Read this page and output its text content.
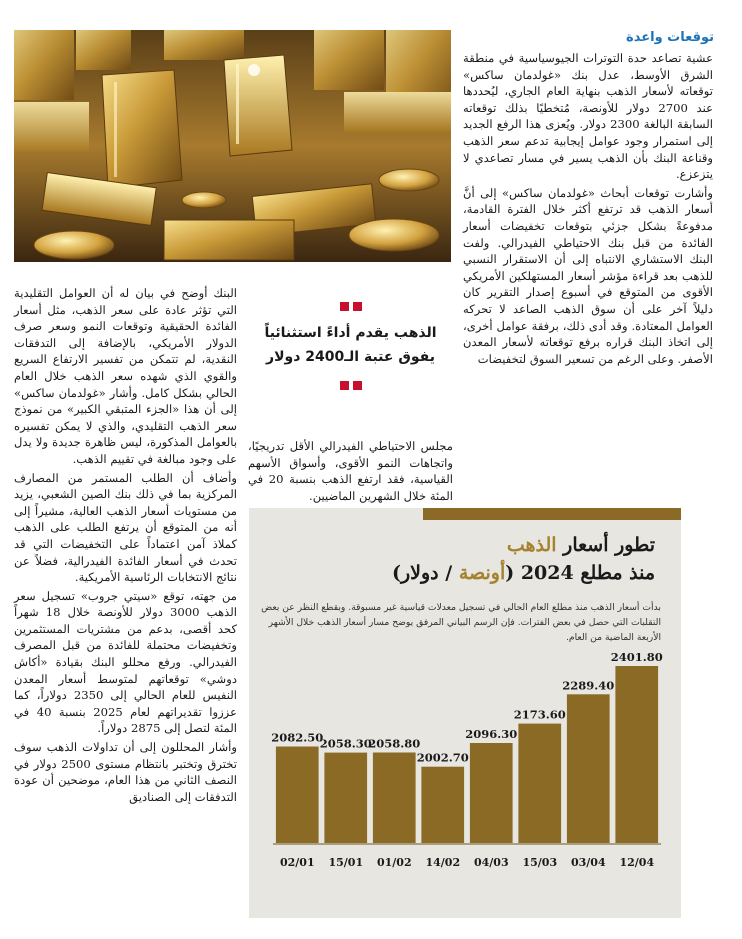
توقعات واعدة

عشية تصاعد حدة التوترات الجيوسياسية في منطقة الشرق الأوسط، عدل بنك «غولدمان ساكس» توقعاته لأسعار الذهب بنهاية العام الجاري، ليُحددها عند 2700 دولار للأونصة، مُتخطيًا بذلك توقعاته السابقة البالغة 2300 دولار. ويُعزى هذا الرفع الجديد إلى استمرار وجود عوامل إيجابية تدعم سعر الذهب وقناعة البنك بأن الذهب يسير في مسار تصاعدي لا يتزعزع.

وأشارت توقعات أبحاث «غولدمان ساكس» إلى أنَّ أسعار الذهب قد ترتفع أكثر خلال الفترة القادمة، مدفوعةً بشكل جزئي بتوقعات تخفيضات أسعار الفائدة من قبل بنك الاحتياطي الفيدرالي. ولفت البنك الاستشاري الانتباه إلى أن الاستقرار النسبي للذهب بعد قراءة مؤشر أسعار المستهلكين الأمريكي الأقوى من المتوقع في أسبوع إصدار التقرير كان دليلاً آخر على أن سوق الذهب الصاعد لا تحركه العوامل المعتادة. وقد أدى ذلك، برفقة عوامل أخرى، إلى اتخاذ البنك قراره برفع توقعاته لأسعار المعدن الأصفر. وعلى الرغم من تسعير السوق لتخفيضات

الذهب يقدم أداءً استثنائياً
يفوق عتبة الـ2400 دولار

مجلس الاحتياطي الفيدرالي الأقل تدريجيًا، واتجاهات النمو الأقوى، وأسواق الأسهم القياسية، فقد ارتفع الذهب بنسبة 20 في المئة خلال الشهرين الماضيين.

البنك أوضح في بيان له أن العوامل التقليدية التي تؤثر عادة على سعر الذهب، مثل أسعار الفائدة الحقيقية وتوقعات النمو وسعر صرف الدولار الأمريكي، بالإضافة إلى التدفقات النقدية، لم تتمكن من تفسير الارتفاع السريع والقوي الذي شهده سعر الذهب خلال العام الحالي بشكل كامل. وأشار «غولدمان ساكس» إلى أن هذا «الجزء المتبقي الكبير» من نموذج سعر الذهب التقليدي، والذي لا يمكن تفسيره بالعوامل المذكورة، ليس ظاهرة جديدة ولا يدل على وجود مبالغة في تقييم الذهب.

وأضاف أن الطلب المستمر من المصارف المركزية بما في ذلك بنك الصين الشعبي، يزيد من مستويات أسعار الذهب العالية، مشيراً إلى أنه من المتوقع أن يرتفع الطلب على الذهب كملاذ آمن اعتماداً على التخفيضات التي قد تحدث في أسعار الفائدة الفيدرالية، فضلاً عن نتائج الانتخابات الرئاسية الأمريكية.

من جهته، توقع «سيتي جروب» تسجيل سعر الذهب 3000 دولار للأونصة خلال 18 شهراً كحد أقصى، بدعم من مشتريات المستثمرين وتخفيضات محتملة للفائدة من قبل المصرف الفيدرالي. ورفع محللو البنك بقيادة «أكاش دوشي» توقعاتهم لمتوسط أسعار المعدن النفيس للعام الحالي إلى 2350 دولاراً، كما عززوا تقديراتهم لعام 2025 بنسبة 40 في المئة لتصل إلى 2875 دولاراً.

وأشار المحللون إلى أن تداولات الذهب سوف تخترق وتختبر بانتظام مستوى 2500 دولار في النصف الثاني من هذا العام، موضحين أن عودة التدفقات إلى الصناديق

تطور أسعار الذهب
منذ مطلع 2024 (أونصة / دولار)
بدأت أسعار الذهب منذ مطلع العام الحالي في تسجيل معدلات قياسية غير مسبوقة. وبقطع النظر عن بعض التقلبات التي حصل في بعض الفترات. فإن الرسم البياني المرفق يوضح مسار أسعار الذهب خلال الأشهر الأربعة الماضية من العام.
2082.50
02/01
2058.30
15/01
2058.80
01/02
2002.70
14/02
2096.30
04/03
2173.60
15/03
2289.40
03/04
2401.80
12/04
